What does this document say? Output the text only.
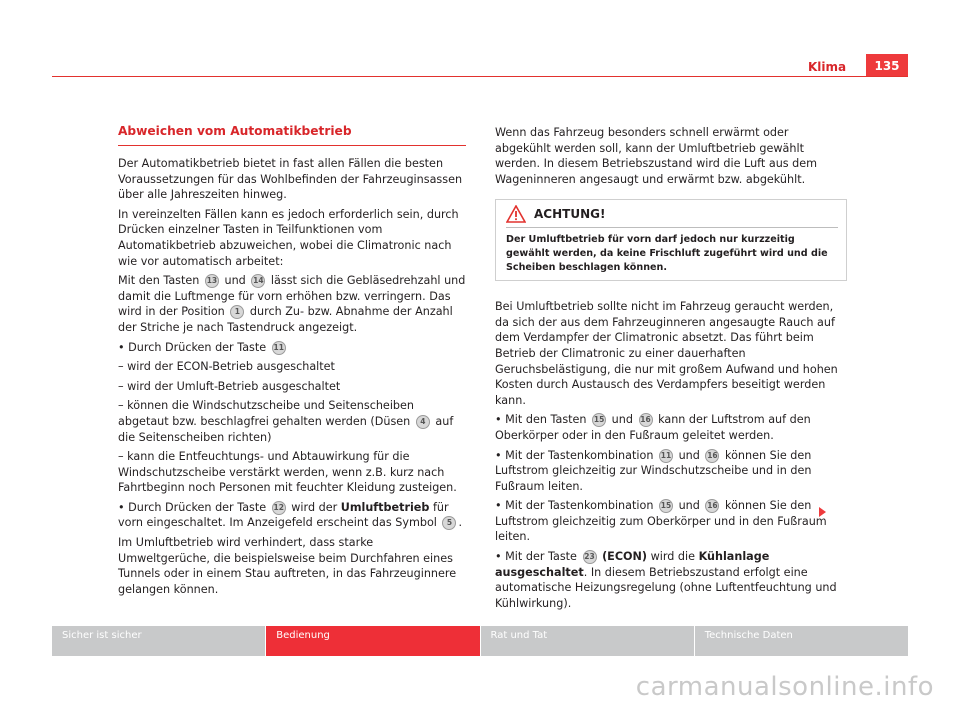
Klima	135
Abweichen vom Automatikbetrieb

Der Automatikbetrieb bietet in fast allen Fällen die besten Voraussetzungen für das Wohlbefinden der Fahrzeuginsassen über alle Jahreszeiten hinweg.

In vereinzelten Fällen kann es jedoch erforderlich sein, durch Drücken einzelner Tasten in Teilfunktionen vom Automatikbetrieb abzuweichen, wobei die Climatronic nach wie vor automatisch arbeitet:

Mit den Tasten 13 und 14 lässt sich die Gebläsedrehzahl und damit die Luftmenge für vorn erhöhen bzw. verringern. Das wird in der Position 1 durch Zu- bzw. Abnahme der Anzahl der Striche je nach Tastendruck angezeigt.

• Durch Drücken der Taste 11

– wird der ECON-Betrieb ausgeschaltet

– wird der Umluft-Betrieb ausgeschaltet

– können die Windschutzscheibe und Seitenscheiben abgetaut bzw. beschlagfrei gehalten werden (Düsen 4 auf die Seitenscheiben richten)

– kann die Entfeuchtungs- und Abtauwirkung für die Windschutzscheibe verstärkt werden, wenn z.B. kurz nach Fahrtbeginn noch Personen mit feuchter Kleidung zusteigen.

• Durch Drücken der Taste 12 wird der Umluftbetrieb für vorn eingeschaltet. Im Anzeigefeld erscheint das Symbol 5 .

Im Umluftbetrieb wird verhindert, dass starke Umweltgerüche, die beispielsweise beim Durchfahren eines Tunnels oder in einem Stau auftreten, in das Fahrzeuginnere gelangen können.

Wenn das Fahrzeug besonders schnell erwärmt oder abgekühlt werden soll, kann der Umluftbetrieb gewählt werden. In diesem Betriebszustand wird die Luft aus dem Wageninneren angesaugt und erwärmt bzw. abgekühlt.

ACHTUNG!

Der Umluftbetrieb für vorn darf jedoch nur kurzzeitig gewählt werden, da keine Frischluft zugeführt wird und die Scheiben beschlagen können.

Bei Umluftbetrieb sollte nicht im Fahrzeug geraucht werden, da sich der aus dem Fahrzeuginneren angesaugte Rauch auf dem Verdampfer der Climatronic absetzt. Das führt beim Betrieb der Climatronic zu einer dauerhaften Geruchsbelästigung, die nur mit großem Aufwand und hohen Kosten durch Austausch des Verdampfers beseitigt werden kann.

• Mit den Tasten 15 und 16 kann der Luftstrom auf den Oberkörper oder in den Fußraum geleitet werden.

• Mit der Tastenkombination 11 und 16 können Sie den Luftstrom gleichzeitig zur Windschutzscheibe und in den Fußraum leiten.

• Mit der Tastenkombination 15 und 16 können Sie den Luftstrom gleichzeitig zum Oberkörper und in den Fußraum leiten.

• Mit der Taste 23 (ECON) wird die Kühlanlage ausgeschaltet. In diesem Betriebszustand erfolgt eine automatische Heizungsregelung (ohne Luftentfeuchtung und Kühlwirkung).

Sicher ist sicher	Bedienung	Rat und Tat	Technische Daten
carmanualsonline.info
